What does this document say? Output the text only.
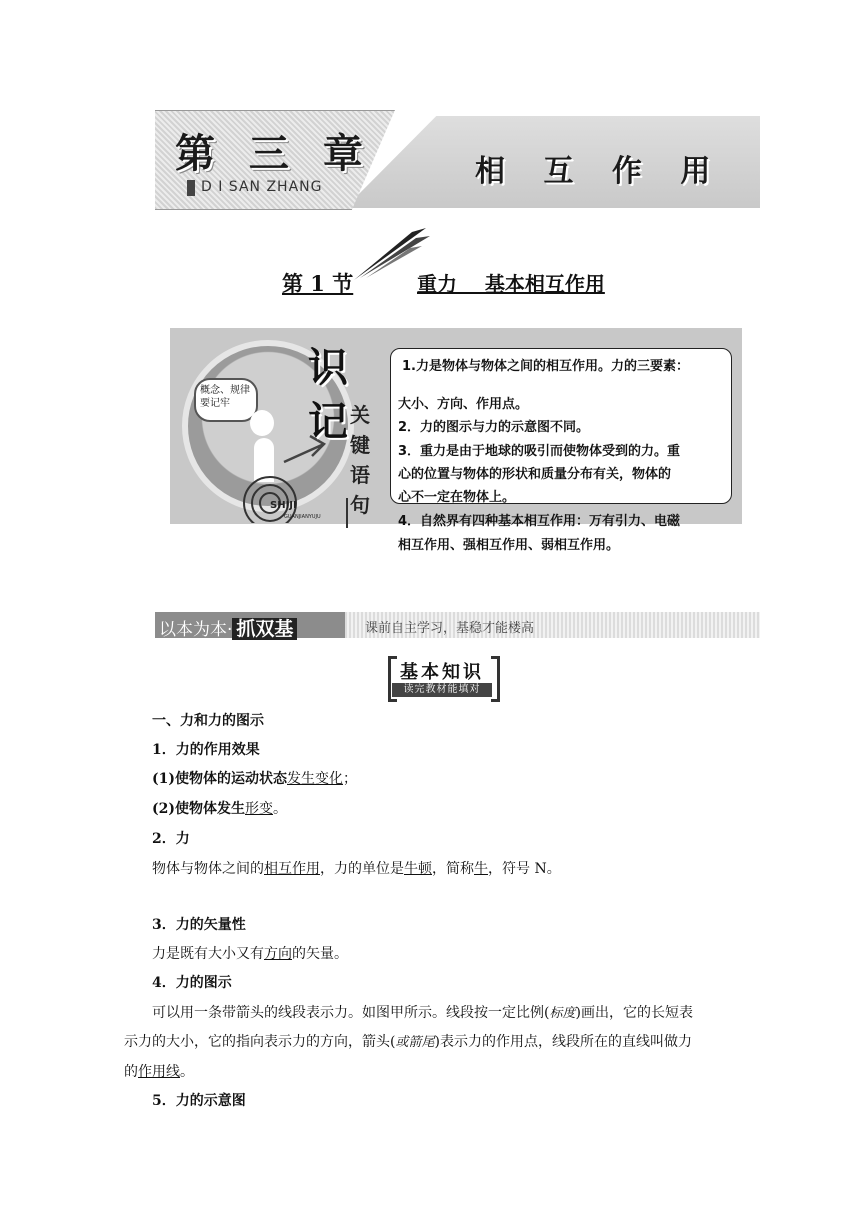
第 三 章
D I SAN ZHANG	相 互 作 用
第 1 节	重力    基本相互作用
概念、规律要记牢
SHIJI
GUANJIANYUJU
识
记 关键语句
1.力是物体与物体之间的相互作用。力的三要素：
大小、方向、作用点。
2．力的图示与力的示意图不同。
3．重力是由于地球的吸引而使物体受到的力。重
心的位置与物体的形状和质量分布有关，物体的
心不一定在物体上。
4．自然界有四种基本相互作用：万有引力、电磁
相互作用、强相互作用、弱相互作用。
以本为本· 抓双基	课前自主学习，基稳才能楼高
基本知识
读完教材能填对
一、力和力的图示
1．力的作用效果
(1)使物体的运动状态发生变化；
(2)使物体发生形变。
2．力
物体与物体之间的相互作用，力的单位是牛顿，简称牛，符号 N。
3．力的矢量性
力是既有大小又有方向的矢量。
4．力的图示
可以用一条带箭头的线段表示力。如图甲所示。线段按一定比例(标度)画出，它的长短表
示力的大小，它的指向表示力的方向，箭头(或箭尾)表示力的作用点，线段所在的直线叫做力
的作用线。
5．力的示意图
